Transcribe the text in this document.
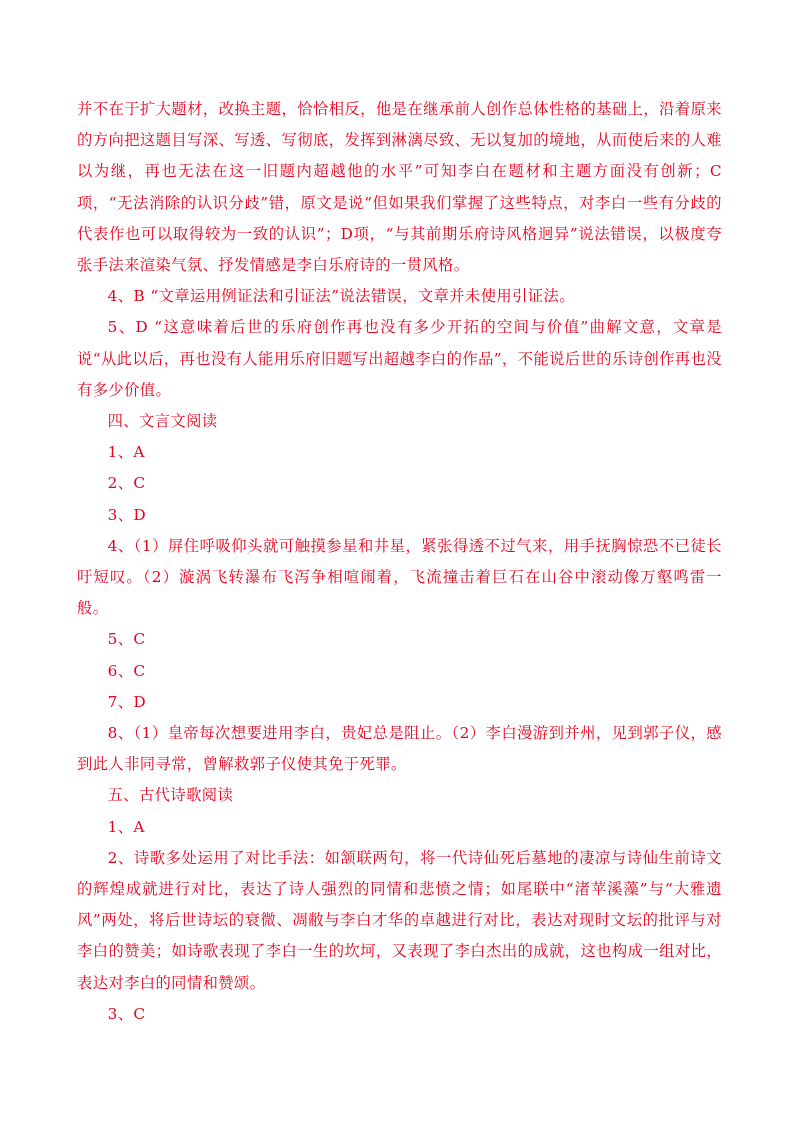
并不在于扩大题材，改换主题，恰恰相反，他是在继承前人创作总体性格的基础上，沿着原来的方向把这题目写深、写透、写彻底，发挥到淋漓尽致、无以复加的境地，从而使后来的人难以为继，再也无法在这一旧题内超越他的水平”可知李白在题材和主题方面没有创新；C项，“无法消除的认识分歧”错，原文是说“但如果我们掌握了这些特点，对李白一些有分歧的代表作也可以取得较为一致的认识”；D项，“与其前期乐府诗风格迥异”说法错误，以极度夸张手法来渲染气氛、抒发情感是李白乐府诗的一贯风格。

4、B “文章运用例证法和引证法”说法错误，文章并未使用引证法。

5、D “这意味着后世的乐府创作再也没有多少开拓的空间与价值”曲解文意，文章是说“从此以后，再也没有人能用乐府旧题写出超越李白的作品”，不能说后世的乐诗创作再也没有多少价值。

四、文言文阅读

1、A

2、C

3、D

4、（1）屏住呼吸仰头就可触摸参星和井星，紧张得透不过气来，用手抚胸惊恐不已徒长吁短叹。（2）漩涡飞转瀑布飞泻争相喧闹着，飞流撞击着巨石在山谷中滚动像万壑鸣雷一般。

5、C

6、C

7、D

8、（1）皇帝每次想要进用李白，贵妃总是阻止。（2）李白漫游到并州，见到郭子仪，感到此人非同寻常，曾解救郭子仪使其免于死罪。

五、古代诗歌阅读

1、A

2、诗歌多处运用了对比手法：如颔联两句，将一代诗仙死后墓地的凄凉与诗仙生前诗文的辉煌成就进行对比，表达了诗人强烈的同情和悲愤之情；如尾联中“渚苹溪藻”与“大雅遗风”两处，将后世诗坛的衰微、凋敝与李白才华的卓越进行对比，表达对现时文坛的批评与对李白的赞美；如诗歌表现了李白一生的坎坷，又表现了李白杰出的成就，这也构成一组对比，表达对李白的同情和赞颂。

3、C
